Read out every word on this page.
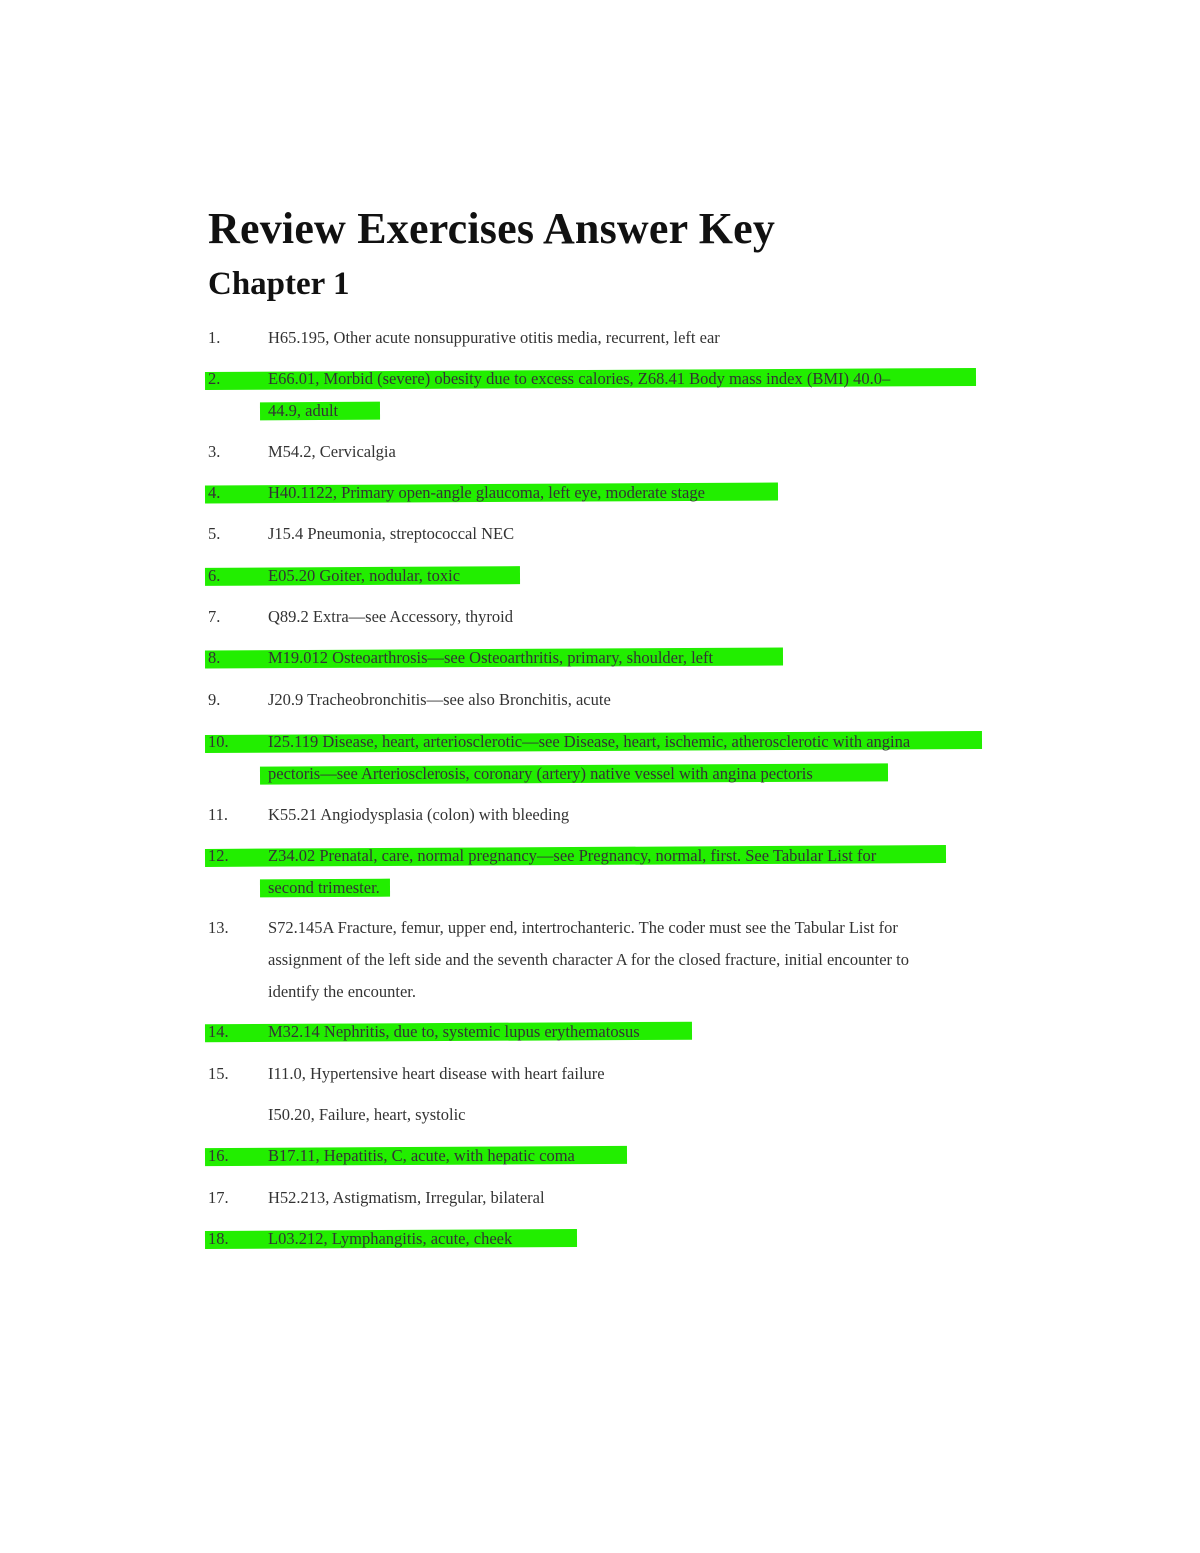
Review Exercises Answer Key
Chapter 1
1.	H65.195, Other acute nonsuppurative otitis media, recurrent, left ear
2.	E66.01, Morbid (severe) obesity due to excess calories, Z68.41 Body mass index (BMI) 40.0–
44.9, adult
3.	M54.2, Cervicalgia
4.	H40.1122, Primary open-angle glaucoma, left eye, moderate stage
5.	J15.4 Pneumonia, streptococcal NEC
6.	E05.20 Goiter, nodular, toxic
7.	Q89.2 Extra—see Accessory, thyroid
8.	M19.012 Osteoarthrosis—see Osteoarthritis, primary, shoulder, left
9.	J20.9 Tracheobronchitis—see also Bronchitis, acute
10. I25.119 Disease, heart, arteriosclerotic—see Disease, heart, ischemic, atherosclerotic with angina
pectoris—see Arteriosclerosis, coronary (artery) native vessel with angina pectoris
11. K55.21 Angiodysplasia (colon) with bleeding
12. Z34.02 Prenatal, care, normal pregnancy—see Pregnancy, normal, first. See Tabular List for
second trimester.
13. S72.145A Fracture, femur, upper end, intertrochanteric. The coder must see the Tabular List for
assignment of the left side and the seventh character A for the closed fracture, initial encounter to
identify the encounter.
14. M32.14 Nephritis, due to, systemic lupus erythematosus
15. I11.0, Hypertensive heart disease with heart failure
I50.20, Failure, heart, systolic
16. B17.11, Hepatitis, C, acute, with hepatic coma
17. H52.213, Astigmatism, Irregular, bilateral
18. L03.212, Lymphangitis, acute, cheek
